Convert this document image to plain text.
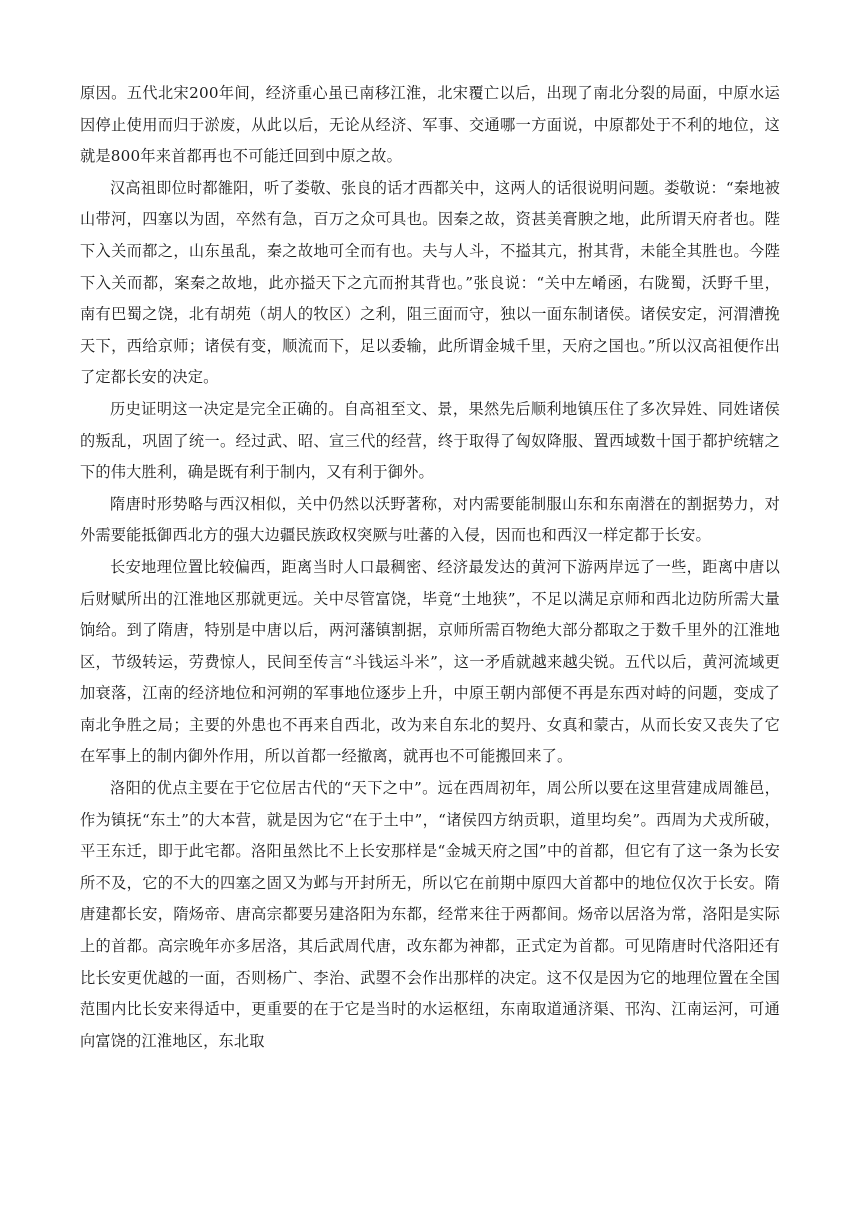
原因。五代北宋200年间，经济重心虽已南移江淮，北宋覆亡以后，出现了南北分裂的局面，中原水运因停止使用而归于淤废，从此以后，无论从经济、军事、交通哪一方面说，中原都处于不利的地位，这就是800年来首都再也不可能迁回到中原之故。

汉高祖即位时都雒阳，听了娄敬、张良的话才西都关中，这两人的话很说明问题。娄敬说：“秦地被山带河，四塞以为固，卒然有急，百万之众可具也。因秦之故，资甚美膏腴之地，此所谓天府者也。陛下入关而都之，山东虽乱，秦之故地可全而有也。夫与人斗，不搤其亢，拊其背，未能全其胜也。今陛下入关而都，案秦之故地，此亦搤天下之亢而拊其背也。”张良说：“关中左崤函，右陇蜀，沃野千里，南有巴蜀之饶，北有胡苑（胡人的牧区）之利，阻三面而守，独以一面东制诸侯。诸侯安定，河渭漕挽天下，西给京师；诸侯有变，顺流而下，足以委输，此所谓金城千里，天府之国也。”所以汉高祖便作出了定都长安的决定。

历史证明这一决定是完全正确的。自高祖至文、景，果然先后顺利地镇压住了多次异姓、同姓诸侯的叛乱，巩固了统一。经过武、昭、宣三代的经营，终于取得了匈奴降服、置西域数十国于都护统辖之下的伟大胜利，确是既有利于制内，又有利于御外。

隋唐时形势略与西汉相似，关中仍然以沃野著称，对内需要能制服山东和东南潜在的割据势力，对外需要能抵御西北方的强大边疆民族政权突厥与吐蕃的入侵，因而也和西汉一样定都于长安。

长安地理位置比较偏西，距离当时人口最稠密、经济最发达的黄河下游两岸远了一些，距离中唐以后财赋所出的江淮地区那就更远。关中尽管富饶，毕竟“土地狭”，不足以满足京师和西北边防所需大量饷给。到了隋唐，特别是中唐以后，两河藩镇割据，京师所需百物绝大部分都取之于数千里外的江淮地区，节级转运，劳费惊人，民间至传言“斗钱运斗米”，这一矛盾就越来越尖锐。五代以后，黄河流域更加衰落，江南的经济地位和河朔的军事地位逐步上升，中原王朝内部便不再是东西对峙的问题，变成了南北争胜之局；主要的外患也不再来自西北，改为来自东北的契丹、女真和蒙古，从而长安又丧失了它在军事上的制内御外作用，所以首都一经撤离，就再也不可能搬回来了。

洛阳的优点主要在于它位居古代的“天下之中”。远在西周初年，周公所以要在这里营建成周雒邑，作为镇抚“东土”的大本营，就是因为它“在于土中”，“诸侯四方纳贡职，道里均矣”。西周为犬戎所破，平王东迁，即于此宅都。洛阳虽然比不上长安那样是“金城天府之国”中的首都，但它有了这一条为长安所不及，它的不大的四塞之固又为邺与开封所无，所以它在前期中原四大首都中的地位仅次于长安。隋唐建都长安，隋炀帝、唐高宗都要另建洛阳为东都，经常来往于两都间。炀帝以居洛为常，洛阳是实际上的首都。高宗晚年亦多居洛，其后武周代唐，改东都为神都，正式定为首都。可见隋唐时代洛阳还有比长安更优越的一面，否则杨广、李治、武曌不会作出那样的决定。这不仅是因为它的地理位置在全国范围内比长安来得适中，更重要的在于它是当时的水运枢纽，东南取道通济渠、邗沟、江南运河，可通向富饶的江淮地区，东北取
